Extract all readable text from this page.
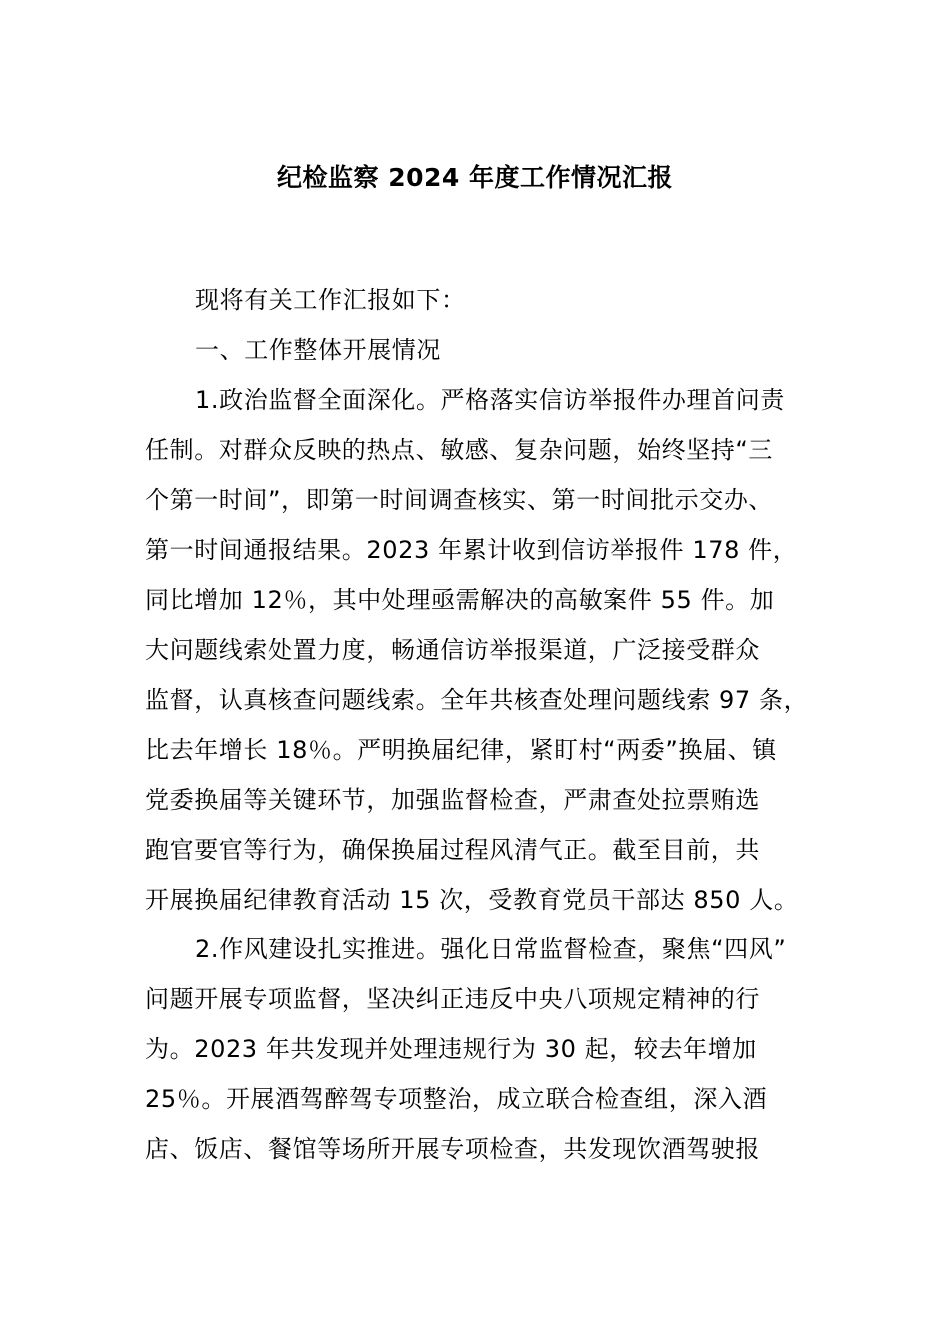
纪检监察 2024 年度工作情况汇报
现将有关工作汇报如下：
一、工作整体开展情况
1.政治监督全面深化。严格落实信访举报件办理首问责
任制。对群众反映的热点、敏感、复杂问题，始终坚持“三
个第一时间”，即第一时间调查核实、第一时间批示交办、
第一时间通报结果。2023 年累计收到信访举报件 178 件，
同比增加 12％，其中处理亟需解决的高敏案件 55 件。加
大问题线索处置力度，畅通信访举报渠道，广泛接受群众
监督，认真核查问题线索。全年共核查处理问题线索 97 条，
比去年增长 18％。严明换届纪律，紧盯村“两委”换届、镇
党委换届等关键环节，加强监督检查，严肃查处拉票贿选
跑官要官等行为，确保换届过程风清气正。截至目前，共
开展换届纪律教育活动 15 次，受教育党员干部达 850 人。
2.作风建设扎实推进。强化日常监督检查，聚焦“四风”
问题开展专项监督，坚决纠正违反中央八项规定精神的行
为。2023 年共发现并处理违规行为 30 起，较去年增加
25％。开展酒驾醉驾专项整治，成立联合检查组，深入酒
店、饭店、餐馆等场所开展专项检查，共发现饮酒驾驶报
